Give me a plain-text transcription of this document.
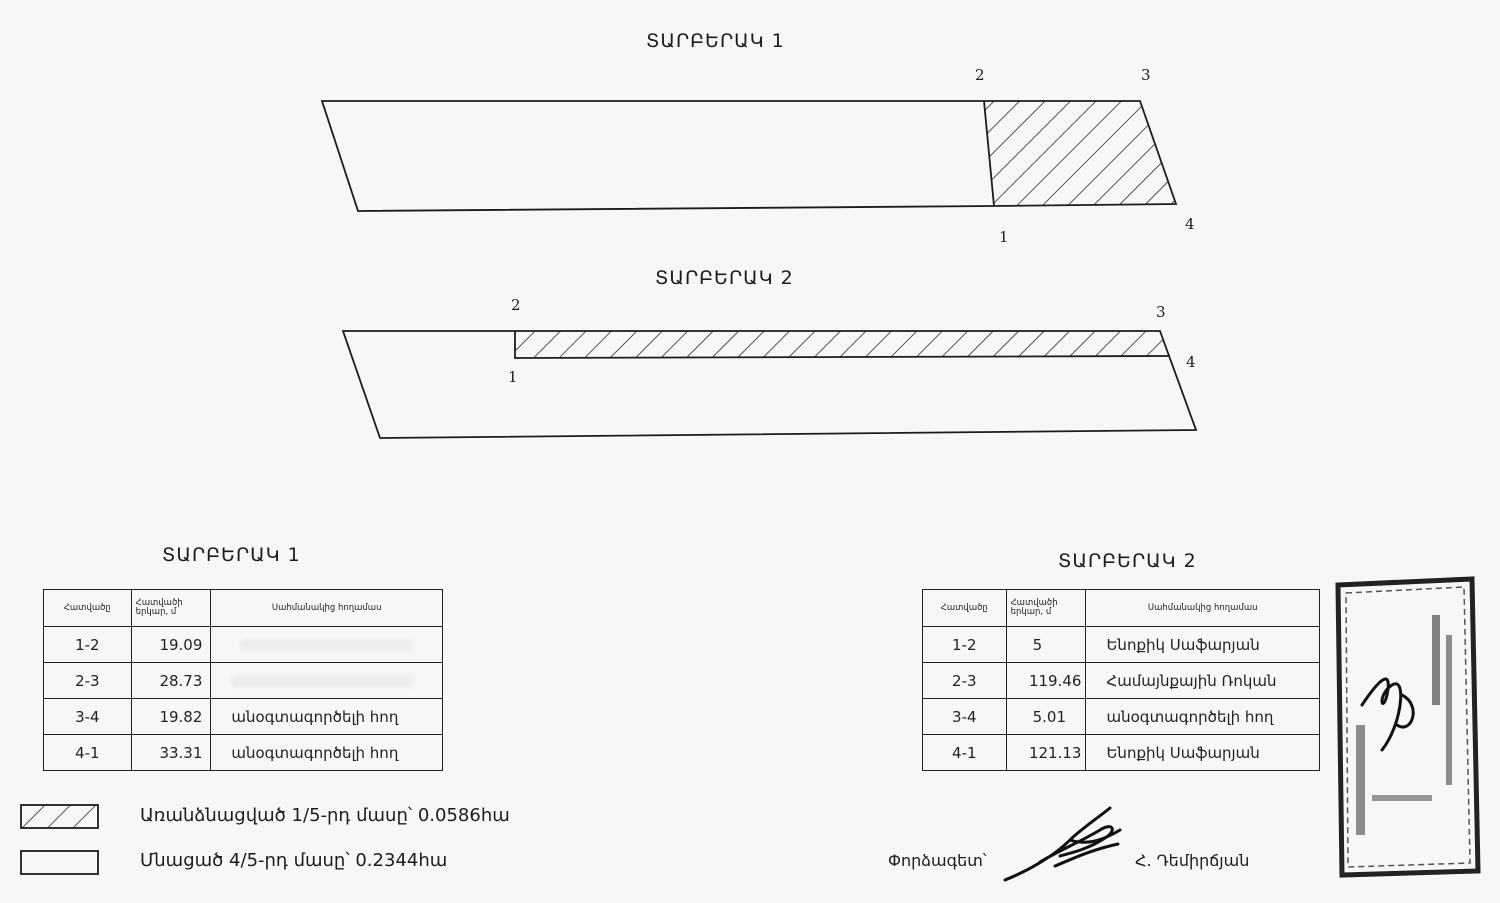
ՏԱՐԲԵՐԱԿ 1
2	3
1
4
ՏԱՐԲԵՐԱԿ 2
2	3
1
4
ՏԱՐԲԵՐԱԿ 1
Հատվածը	Հատվածի երկար, մ	Սահմանակից հողամաս
1-2	19.09	

2-3	28.73	

3-4	19.82	անօգտագործելի հող
4-1	33.31	անօգտագործելի հող
ՏԱՐԲԵՐԱԿ 2
Հատվածը	Հատվածի երկար, մ	Սահմանակից հողամաս
1-2	5	Ենոքիկ Սաֆարյան
2-3	119.46	Համայնքային Ռոկան
3-4	5.01	անօգտագործելի հող
4-1	121.13	Ենոքիկ Սաֆարյան
Առանձնացված 1/5-րդ մասը՝ 0.0586հա
Մնացած 4/5-րդ մասը՝ 0.2344հա	Փորձագետ՝	Հ. Դեմիրճյան
